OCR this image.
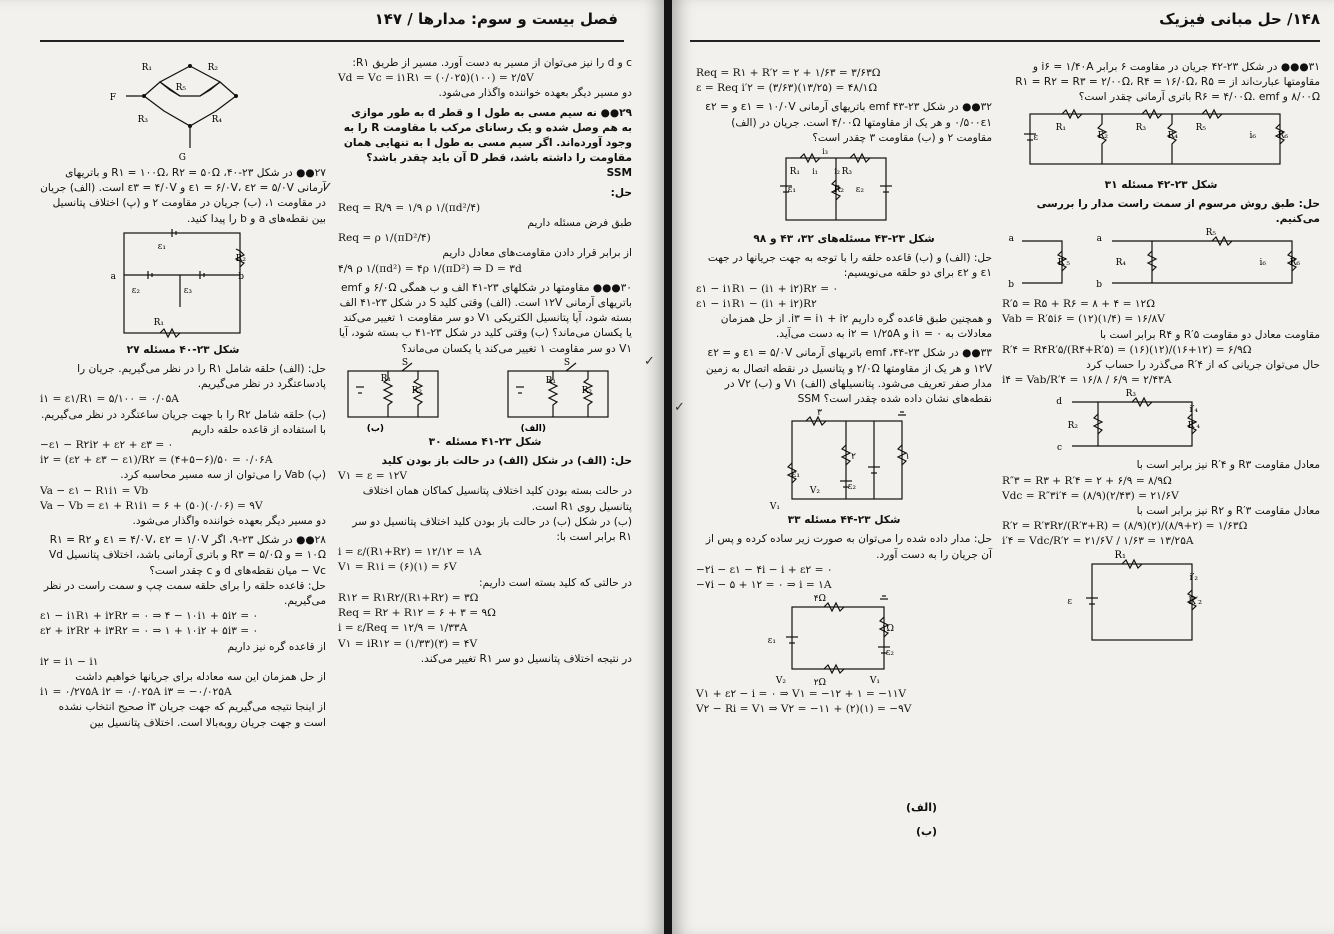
فصل بیست و سوم: مدارها / ۱۴۷

c و d را نیز می‌توان از مسیر به دست آورد. مسیر از طریق R۱:

Vd = Vc = i۱R۱ = (۰/۰۲۵)(۱۰۰) = ۲/۵V

دو مسیر دیگر بعهده خواننده واگذار می‌شود.

۲۹●● نه سیم مسی به طول l و قطر d به طور موازی به هم وصل شده و یک رسانای مرکب با مقاومت R را به وجود آورده‌اند. اگر سیم مسی به طول l به تنهایی همان مقاومت را داشته باشد، قطر D آن باید چقدر باشد؟ SSM

حل:

Req = R/۹ = ۱/۹ ρ ۱/(πd²/۴)

طبق فرض مسئله داریم

Req = ρ ۱/(πD²/۴)

از برابر قرار دادن مقاومت‌های معادل داریم

۴/۹ ρ ۱/(πd²) = ۴ρ ۱/(πD²) ⇒ D = ۳d

۳۰●●● مقاومتها در شکلهای ۲۳-۴۱ الف و ب همگی ۶/۰Ω و emf باتریهای آرمانی ۱۲V است. (الف) وقتی کلید S در شکل ۲۳-۴۱ الف بسته شود، آیا پتانسیل الکتریکی V۱ دو سر مقاومت ۱ تغییر می‌کند یا یکسان می‌ماند؟ (ب) وقتی کلید در شکل ۲۳-۴۱ ب بسته شود، آیا V۱ دو سر مقاومت ۱ تغییر می‌کند یا یکسان می‌ماند؟

R₁
R₂
S
(ب)
R₁
R₂
S
(الف)

شکل ۲۳-۴۱ مسئله ۳۰

حل: (الف) در شکل (الف) در حالت باز بودن کلید

V۱ = ε = ۱۲V

در حالت بسته بودن کلید اختلاف پتانسیل کماکان همان اختلاف پتانسیل روی R۱ است.

(ب) در شکل (ب) در حالت باز بودن کلید اختلاف پتانسیل دو سر R۱ برابر است با:

i = ε/(R۱+R۲) = ۱۲/۱۲ = ۱A

V۱ = R۱i = (۶)(۱) = ۶V

در حالتی که کلید بسته است داریم:

R۱۲ = R۱R۲/(R۱+R۲) = ۳Ω

Req = R۲ + R۱۲ = ۶ + ۳ = ۹Ω

i = ε/Req = ۱۲/۹ = ۱/۳۳A

V۱ = iR۱۲ = (۱/۳۳)(۳) = ۴V

در نتیجه اختلاف پتانسیل دو سر R۱ تغییر می‌کند.

R₁	R₂
R₃	R₄
R₅
F
G

۲۷●● در شکل ۲۳-۴۰، R۱ = ۱۰۰Ω، R۲ = ۵۰Ω و باتریهای آرمانی ε۱ = ۶/۰V، ε۲ = ۵/۰V و ε۳ = ۴/۰V است. (الف) جریان در مقاومت ۱، (ب) جریان در مقاومت ۲ و (پ) اختلاف پتانسیل بین نقطه‌های a و b را پیدا کنید.

ε₁
ε₂	ε₃
R₁
R₂
a	b

شکل ۲۳-۴۰ مسئله ۲۷

حل: (الف) حلقه شامل R۱ را در نظر می‌گیریم. جریان را پادساعتگرد در نظر می‌گیریم.

i۱ = ε۱/R۱ = ۵/۱۰۰ = ۰/۰۵A

(ب) حلقه شامل R۲ را با جهت جریان ساعتگرد در نظر می‌گیریم. با استفاده از قاعده حلقه داریم

−ε۱ − R۲i۲ + ε۲ + ε۳ = ۰

i۲ = (ε۲ + ε۳ − ε۱)/R۲ = (۴+۵−۶)/۵۰ = ۰/۰۶A

(پ) Vab را می‌توان از سه مسیر محاسبه کرد.

Va − ε۱ − R۱i۱ = Vb

Va − Vb = ε۱ + R۱i۱ = ۶ + (۵۰)(۰/۰۶) = ۹V

دو مسیر دیگر بعهده خواننده واگذار می‌شود.

۲۸●● در شکل ۲۳-۹، اگر ε۱ = ۴/۰V، ε۲ = ۱/۰V و R۱ = R۲ = ۱۰Ω و R۳ = ۵/۰Ω و باتری آرمانی باشد، اختلاف پتانسیل Vd − Vc میان نقطه‌های d و c چقدر است؟

حل: قاعده حلقه را برای حلقه سمت چپ و سمت راست در نظر می‌گیریم.

ε۱ − i۱R۱ + i۲R۲ = ۰ ⇒ ۴ − ۱۰i۱ + ۵i۲ = ۰

ε۲ + i۲R۲ + i۳R۲ = ۰ ⇒ ۱ + ۱۰i۲ + ۵i۳ = ۰

از قاعده گره نیز داریم

i۲ = i۱ − i۱

از حل همزمان این سه معادله برای جریانها خواهیم داشت

i۱ = ۰/۲۷۵A i۲ = ۰/۰۲۵A i۳ = −۰/۰۲۵A

از اینجا نتیجه می‌گیریم که جهت جریان i۳ صحیح انتخاب نشده است و جهت جریان روبه‌بالا است. اختلاف پتانسیل بین

✓
✓
۱۴۸/ حل مبانی فیزیک

۳۱●●● در شکل ۲۳-۴۲ جریان در مقاومت ۶ برابر i۶ = ۱/۴۰A و مقاومتها عبارت‌اند از R۱ = R۲ = R۳ = ۲/۰۰Ω، R۴ = ۱۶/۰Ω، R۵ = ۸/۰۰Ω و R۶ = ۴/۰۰Ω. emf باتری آرمانی چقدر است؟

ε
R₁
R₂
R₃
R₄
R₅
R₆
i₆

شکل ۲۳-۴۲ مسئله ۳۱

حل: طبق روش مرسوم از سمت راست مدار را بررسی می‌کنیم.

a
b
R′₅
a
b
R₄
R₅
R₆
i₆

R′۵ = R۵ + R۶ = ۸ + ۴ = ۱۲Ω

Vab = R′۵i۶ = (۱۲)(۱/۴) = ۱۶/۸V

مقاومت معادل دو مقاومت R′۵ و R۴ برابر است با

R′۴ = R۴R′۵/(R۴+R′۵) = (۱۶)(۱۲)/(۱۶+۱۲) = ۶/۹Ω

حال می‌توان جریانی که از R′۴ می‌گذرد را حساب کرد

i۴ = Vab/R′۴ = ۱۶/۸ / ۶/۹ = ۲/۴۳A

d
c
R₃
R₂	R′₄
i′₄

معادل مقاومت R۳ و R′۴ نیز برابر است با

R″۳ = R۳ + R′۴ = ۲ + ۶/۹ = ۸/۹Ω

Vdc = R″۳i′۴ = (۸/۹)(۲/۴۳) = ۲۱/۶V

معادل مقاومت R′۳ و R۲ نیز برابر است با

R′۲ = R′۳R۲/(R′۳+R) = (۸/۹)(۲)/(۸/۹+۲) = ۱/۶۳Ω

i′۴ = Vdc/R′۲ = ۲۱/۶V / ۱/۶۳ = ۱۳/۲۵A

ε
R₁
R′₂
i′₂

Req = R۱ + R′۲ = ۲ + ۱/۶۳ = ۳/۶۳Ω

ε = Req i′۲ = (۳/۶۳)(۱۳/۲۵) = ۴۸/۱Ω

۳۲●● در شکل ۲۳-۴۳ emf باتریهای آرمانی ε۱ = ۱۰/۰V و ε۲ = ۰/۵۰۰ε۱ و هر یک از مقاومتها ۴/۰۰Ω است. جریان در (الف) مقاومت ۲ و (ب) مقاومت ۳ چقدر است؟

ε₁	ε₂
R₁
R₂
R₃
i₁
i₃
i₂

شکل ۲۳-۴۳ مسئله‌های ۳۲، ۴۳ و ۹۸

حل: (الف) و (ب) قاعده حلقه را با توجه به جهت جریانها در جهت ε۱ و ε۲ برای دو حلقه می‌نویسیم:

ε۱ − i۱R۱ − (i۱ + i۲)R۲ = ۰

ε۱ − i۱R۱ − (i۱ + i۲)R۲

و همچنین طبق قاعده گره داریم i۳ = i۱ + i۲. از حل همزمان معادلات به i۱ = ۰ و i۲ = ۱/۲۵A به دست می‌آید.

۳۳●● در شکل ۲۳-۴۴، emf باتریهای آرمانی ε۱ = ۵/۰V و ε۲ = ۱۲V و هر یک از مقاومتها ۲/۰Ω و پتانسیل در نقطه اتصال به زمین مدار صفر تعریف می‌شود. پتانسیلهای (الف) V۱ و (ب) V۲ در نقطه‌های نشان داده شده چقدر است؟ SSM

۳
۲	۱
ε₁
ε₂
V₁
V₂

شکل ۲۳-۴۴ مسئله ۳۳

حل: مدار داده شده را می‌توان به صورت زیر ساده کرده و پس از آن جریان را به دست آورد.

−۲i − ε۱ − ۴i − i + ε۲ = ۰

−۷i − ۵ + ۱۲ = ۰ ⇒ i = ۱A

۴Ω
۱Ω
۲Ω
ε₁
ε₂
V₂	V₁

V۱ + ε۲ − i = ۰ ⇒ V۱ = −۱۲ + ۱ = −۱۱V

V۲ − Ri = V۱ ⇒ V۲ = −۱۱ + (۲)(۱) = −۹V

(الف)
(ب)
✓
